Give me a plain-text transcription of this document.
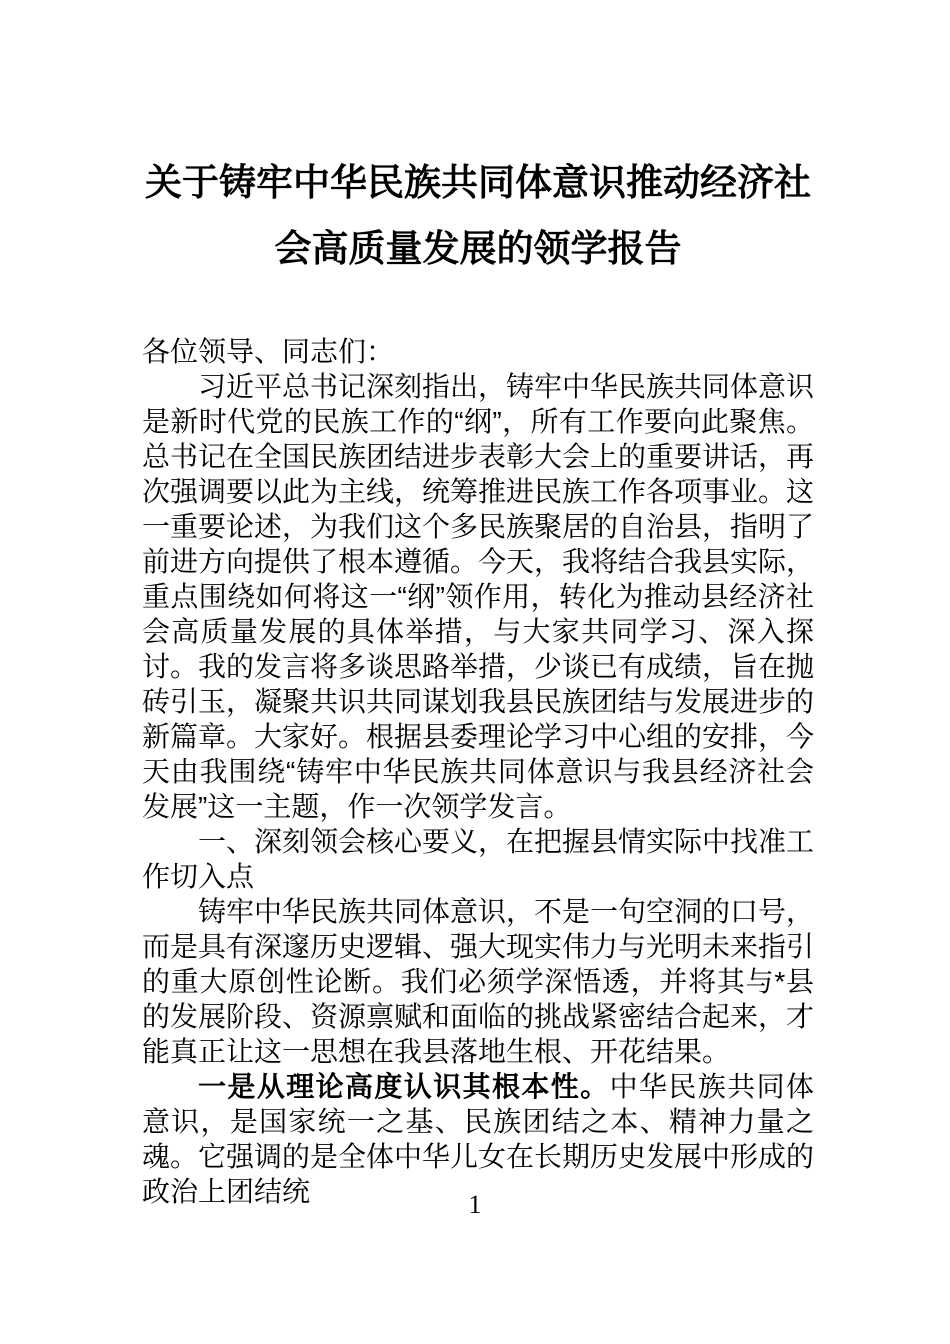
关于铸牢中华民族共同体意识推动经济社会高质量发展的领学报告

各位领导、同志们：

习近平总书记深刻指出，铸牢中华民族共同体意识是新时代党的民族工作的“纲”，所有工作要向此聚焦。总书记在全国民族团结进步表彰大会上的重要讲话，再次强调要以此为主线，统筹推进民族工作各项事业。这一重要论述，为我们这个多民族聚居的自治县，指明了前进方向提供了根本遵循。今天，我将结合我县实际，重点围绕如何将这一“纲”领作用，转化为推动县经济社会高质量发展的具体举措，与大家共同学习、深入探讨。我的发言将多谈思路举措，少谈已有成绩，旨在抛砖引玉，凝聚共识共同谋划我县民族团结与发展进步的新篇章。大家好。根据县委理论学习中心组的安排，今天由我围绕“铸牢中华民族共同体意识与我县经济社会发展”这一主题，作一次领学发言。

一、深刻领会核心要义，在把握县情实际中找准工作切入点

铸牢中华民族共同体意识，不是一句空洞的口号，而是具有深邃历史逻辑、强大现实伟力与光明未来指引的重大原创性论断。我们必须学深悟透，并将其与*县的发展阶段、资源禀赋和面临的挑战紧密结合起来，才能真正让这一思想在我县落地生根、开花结果。

一是从理论高度认识其根本性。中华民族共同体意识，是国家统一之基、民族团结之本、精神力量之魂。它强调的是全体中华儿女在长期历史发展中形成的政治上团结统	1
